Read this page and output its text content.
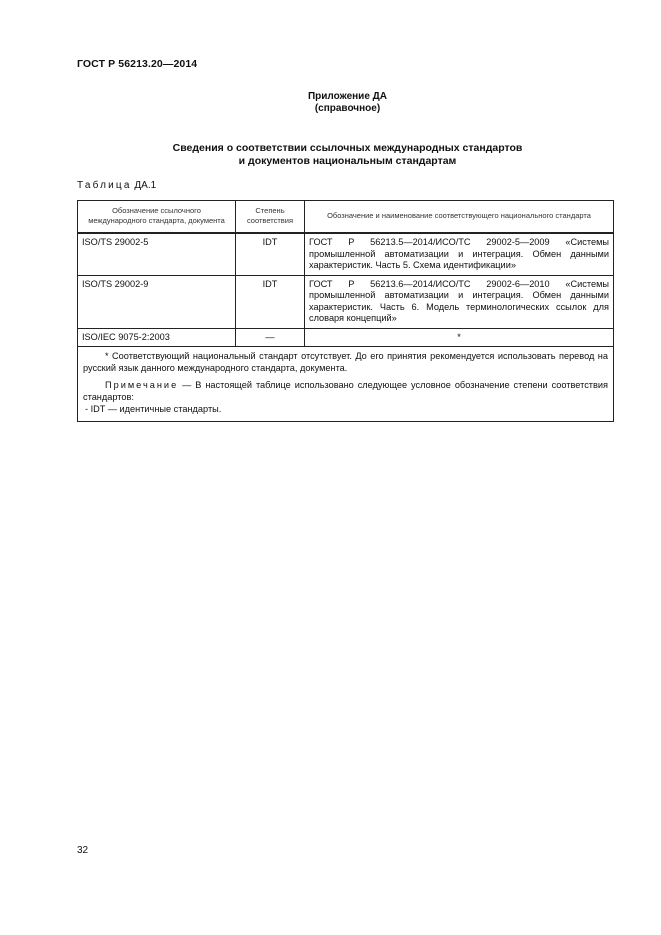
ГОСТ Р 56213.20—2014
Приложение ДА
(справочное)
Сведения о соответствии ссылочных международных стандартов
и документов национальным стандартам
Таблица ДА.1
Обозначение ссылочного международного стандарта, документа	Степень соответствия	Обозначение и наименование соответствующего национального стандарта
ISO/TS 29002-5	IDT	ГОСТ Р 56213.5—2014/ИСО/ТС 29002-5—2009 «Системы промышленной автоматизации и интеграция. Обмен данными характеристик. Часть 5. Схема идентификации»
ISO/TS 29002-9	IDT	ГОСТ Р 56213.6—2014/ИСО/ТС 29002-6—2010 «Системы промышленной автоматизации и интеграция. Обмен данными характеристик. Часть 6. Модель терминологических ссылок для словаря концепций»
ISO/IEC 9075-2:2003	—	*

* Соответствующий национальный стандарт отсутствует. До его принятия рекомендуется использовать перевод на русский язык данного международного стандарта, документа.

Примечание — В настоящей таблице использовано следующее условное обозначение степени соответствия стандартов:

- IDT — идентичные стандарты.		

32
